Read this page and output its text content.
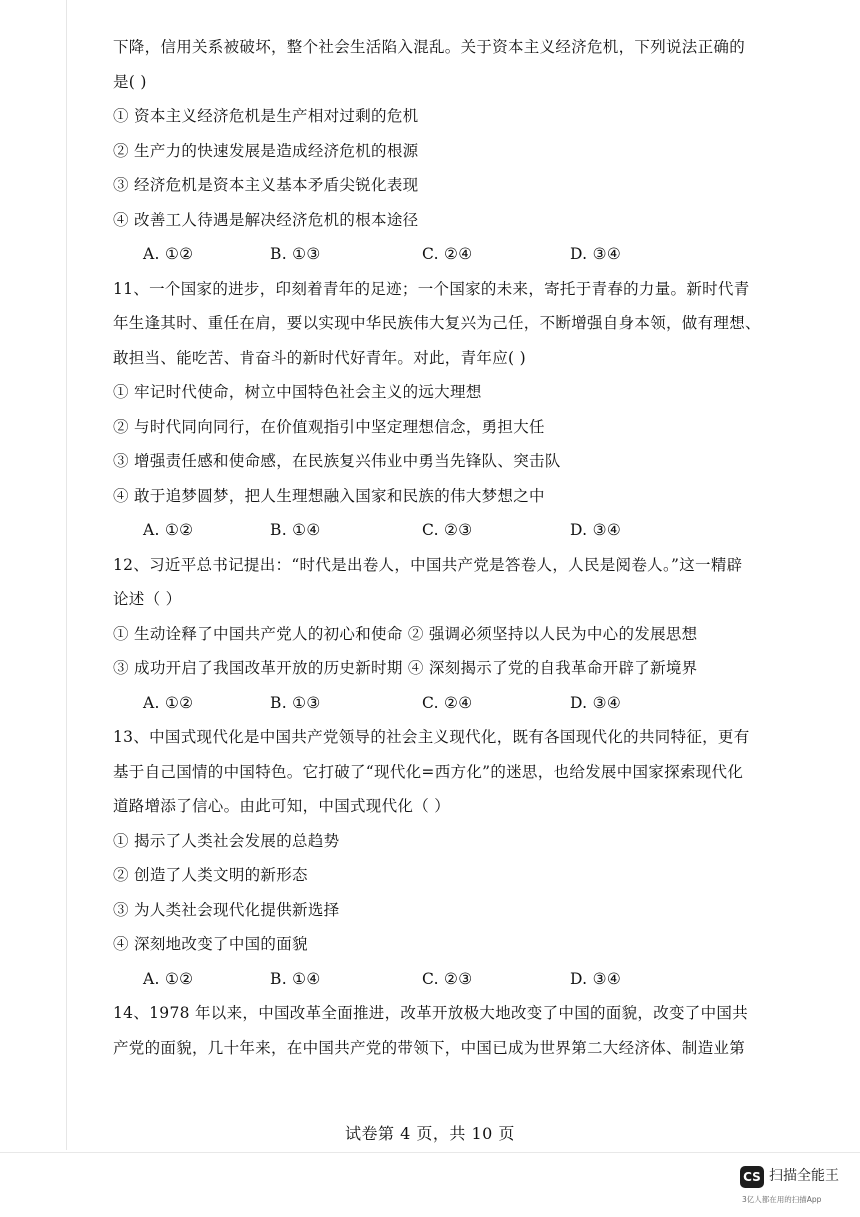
下降，信用关系被破坏，整个社会生活陷入混乱。关于资本主义经济危机，下列说法正确的
是( )
① 资本主义经济危机是生产相对过剩的危机
② 生产力的快速发展是造成经济危机的根源
③ 经济危机是资本主义基本矛盾尖锐化表现
④ 改善工人待遇是解决经济危机的根本途径
A. ①②	B. ①③	C. ②④	D. ③④
11、一个国家的进步，印刻着青年的足迹；一个国家的未来，寄托于青春的力量。新时代青
年生逢其时、重任在肩，要以实现中华民族伟大复兴为己任，不断增强自身本领，做有理想、
敢担当、能吃苦、肯奋斗的新时代好青年。对此，青年应( )
① 牢记时代使命，树立中国特色社会主义的远大理想
② 与时代同向同行，在价值观指引中坚定理想信念，勇担大任
③ 增强责任感和使命感，在民族复兴伟业中勇当先锋队、突击队
④ 敢于追梦圆梦，把人生理想融入国家和民族的伟大梦想之中
A. ①②	B. ①④	C. ②③	D. ③④
12、习近平总书记提出：“时代是出卷人，中国共产党是答卷人，人民是阅卷人。”这一精辟
论述（ ）
① 生动诠释了中国共产党人的初心和使命 ② 强调必须坚持以人民为中心的发展思想
③ 成功开启了我国改革开放的历史新时期 ④ 深刻揭示了党的自我革命开辟了新境界
A. ①②	B. ①③	C. ②④	D. ③④
13、中国式现代化是中国共产党领导的社会主义现代化，既有各国现代化的共同特征，更有
基于自己国情的中国特色。它打破了“现代化=西方化”的迷思，也给发展中国家探索现代化
道路增添了信心。由此可知，中国式现代化（ ）
① 揭示了人类社会发展的总趋势
② 创造了人类文明的新形态
③ 为人类社会现代化提供新选择
④ 深刻地改变了中国的面貌
A. ①②	B. ①④	C. ②③	D. ③④
14、1978 年以来，中国改革全面推进，改革开放极大地改变了中国的面貌，改变了中国共
产党的面貌，几十年来，在中国共产党的带领下，中国已成为世界第二大经济体、制造业第
试卷第 4 页，共 10 页
CS 扫描全能王
3亿人都在用的扫描App
